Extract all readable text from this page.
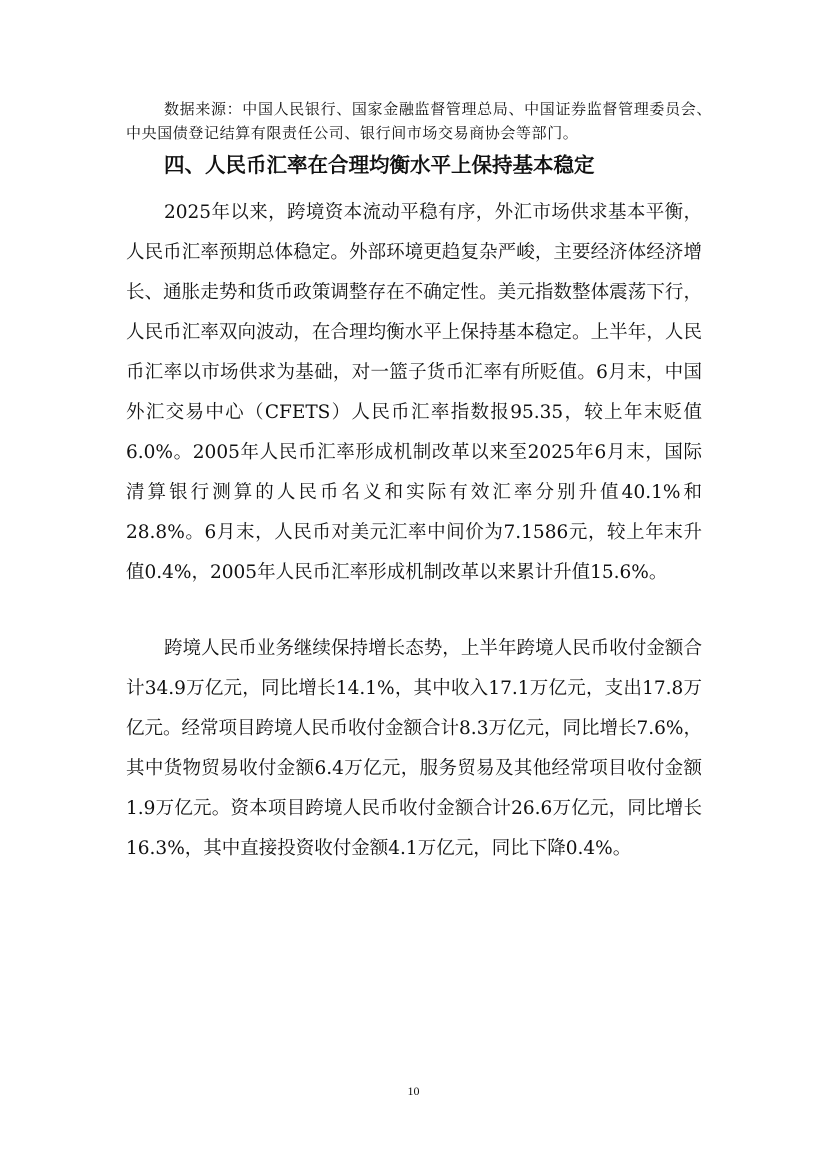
数据来源：中国人民银行、国家金融监督管理总局、中国证券监督管理委员会、中央国债登记结算有限责任公司、银行间市场交易商协会等部门。
四、人民币汇率在合理均衡水平上保持基本稳定

2025年以来，跨境资本流动平稳有序，外汇市场供求基本平衡，人民币汇率预期总体稳定。外部环境更趋复杂严峻，主要经济体经济增长、通胀走势和货币政策调整存在不确定性。美元指数整体震荡下行，人民币汇率双向波动，在合理均衡水平上保持基本稳定。上半年，人民币汇率以市场供求为基础，对一篮子货币汇率有所贬值。6月末，中国外汇交易中心（CFETS）人民币汇率指数报95.35，较上年末贬值6.0%。2005年人民币汇率形成机制改革以来至2025年6月末，国际清算银行测算的人民币名义和实际有效汇率分别升值40.1%和28.8%。6月末，人民币对美元汇率中间价为7.1586元，较上年末升值0.4%，2005年人民币汇率形成机制改革以来累计升值15.6%。

跨境人民币业务继续保持增长态势，上半年跨境人民币收付金额合计34.9万亿元，同比增长14.1%，其中收入17.1万亿元，支出17.8万亿元。经常项目跨境人民币收付金额合计8.3万亿元，同比增长7.6%，其中货物贸易收付金额6.4万亿元，服务贸易及其他经常项目收付金额1.9万亿元。资本项目跨境人民币收付金额合计26.6万亿元，同比增长16.3%，其中直接投资收付金额4.1万亿元，同比下降0.4%。

10
